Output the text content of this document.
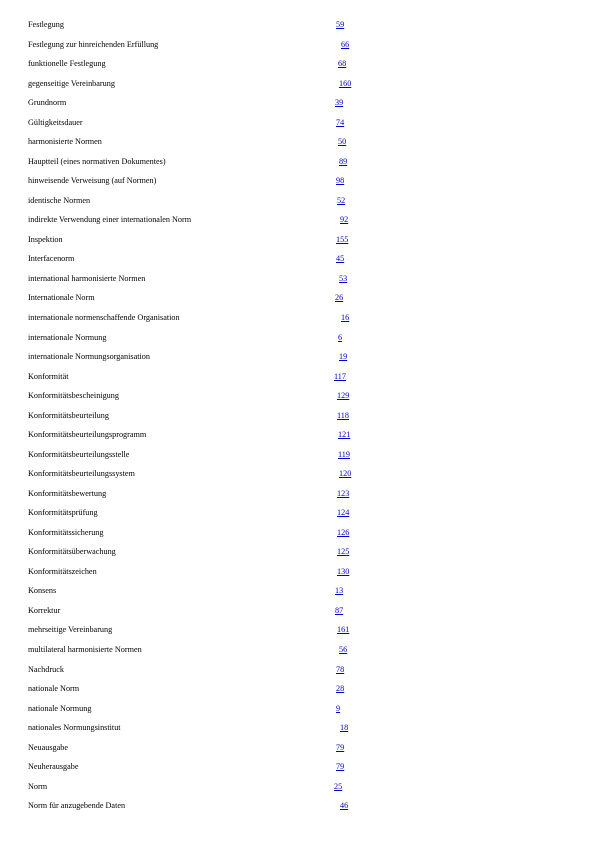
Festlegung	59
Festlegung zur hinreichenden Erfüllung	66
funktionelle Festlegung	68
gegenseitige Vereinbarung	160
Grundnorm	39
Gültigkeitsdauer	74
harmonisierte Normen	50
Hauptteil (eines normativen Dokumentes)	89
hinweisende Verweisung (auf Normen)	98
identische Normen	52
indirekte Verwendung einer internationalen Norm	92
Inspektion	155
Interfacenorm	45
international harmonisierte Normen	53
Internationale Norm	26
internationale normenschaffende Organisation	16
internationale Normung	6
internationale Normungsorganisation	19
Konformität	117
Konformitätsbescheinigung	129
Konformitätsbeurteilung	118
Konformitätsbeurteilungsprogramm	121
Konformitätsbeurteilungsstelle	119
Konformitätsbeurteilungssystem	120
Konformitätsbewertung	123
Konformitätsprüfung	124
Konformitätssicherung	126
Konformitätsüberwachung	125
Konformitätszeichen	130
Konsens	13
Korrektur	87
mehrseitige Vereinbarung	161
multilateral harmonisierte Normen	56
Nachdruck	78
nationale Norm	28
nationale Normung	9
nationales Normungsinstitut	18
Neuausgabe	79
Neuherausgabe	79
Norm	25
Norm für anzugebende Daten	46
